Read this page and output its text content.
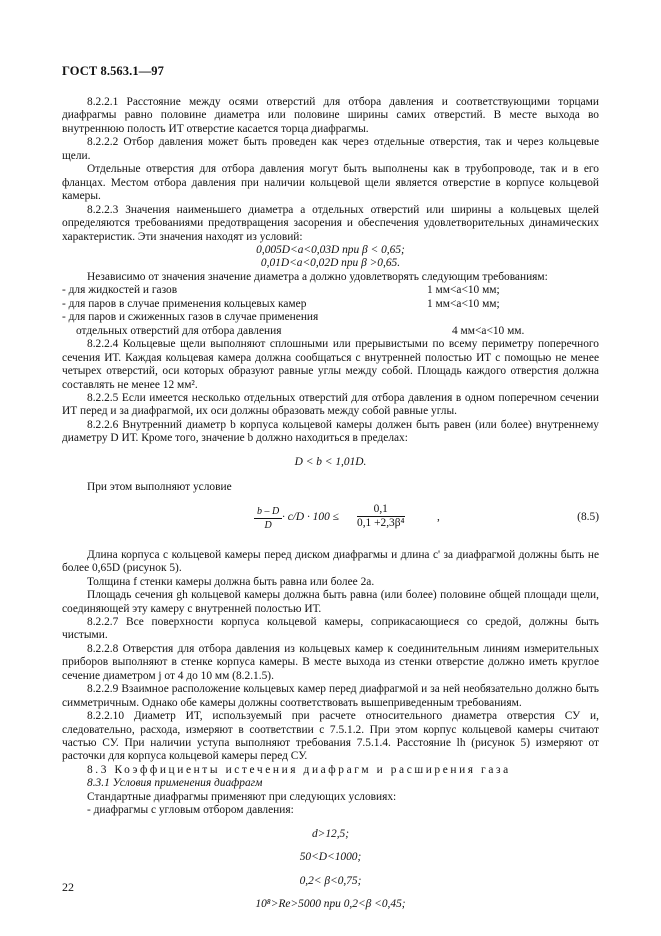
ГОСТ 8.563.1—97

8.2.2.1 Расстояние между осями отверстий для отбора давления и соответствующими торцами диафрагмы равно половине диаметра или половине ширины самих отверстий. В месте выхода во внутреннюю полость ИТ отверстие касается торца диафрагмы.

8.2.2.2 Отбор давления может быть проведен как через отдельные отверстия, так и через кольцевые щели.

Отдельные отверстия для отбора давления могут быть выполнены как в трубопроводе, так и в его фланцах. Местом отбора давления при наличии кольцевой щели является отверстие в корпусе кольцевой камеры.

8.2.2.3 Значения наименьшего диаметра a отдельных отверстий или ширины a кольцевых щелей определяются требованиями предотвращения засорения и обеспечения удовлетворительных динамических характеристик. Эти значения находят из условий:

0,005D<a<0,03D при β < 0,65;

0,01D<a<0,02D при β >0,65.

Независимо от значения значение диаметра a должно удовлетворять следующим требованиям:

- для жидкостей и газов	1 мм<a<10 мм;
- для паров в случае применения кольцевых камер	1 мм<a<10 мм;
- для паров и сжиженных газов в случае применения
отдельных отверстий для отбора давления	4 мм<a<10 мм.

8.2.2.4 Кольцевые щели выполняют сплошными или прерывистыми по всему периметру поперечного сечения ИТ. Каждая кольцевая камера должна сообщаться с внутренней полостью ИТ с помощью не менее четырех отверстий, оси которых образуют равные углы между собой. Площадь каждого отверстия должна составлять не менее 12 мм².

8.2.2.5 Если имеется несколько отдельных отверстий для отбора давления в одном поперечном сечении ИТ перед и за диафрагмой, их оси должны образовать между собой равные углы.

8.2.2.6 Внутренний диаметр b корпуса кольцевой камеры должен быть равен (или более) внутреннему диаметру D ИТ. Кроме того, значение b должно находиться в пределах:

D < b < 1,01D.

При этом выполняют условие

$\frac{b - D}{D} \cdot c/D \cdot 100 \le \frac{0,1}{\text{0,1 +2,3β⁴}}$	,	(8.5)

Длина корпуса c кольцевой камеры перед диском диафрагмы и длина c' за диафрагмой должны быть не более 0,65D (рисунок 5).

Толщина f стенки камеры должна быть равна или более 2a.

Площадь сечения gh кольцевой камеры должна быть равна (или более) половине общей площади щели, соединяющей эту камеру с внутренней полостью ИТ.

8.2.2.7 Все поверхности корпуса кольцевой камеры, соприкасающиеся со средой, должны быть чистыми.

8.2.2.8 Отверстия для отбора давления из кольцевых камер к соединительным линиям измерительных приборов выполняют в стенке корпуса камеры. В месте выхода из стенки отверстие должно иметь круглое сечение диаметром j от 4 до 10 мм (8.2.1.5).

8.2.2.9 Взаимное расположение кольцевых камер перед диафрагмой и за ней необязательно должно быть симметричным. Однако обе камеры должны соответствовать вышеприведенным требованиям.

8.2.2.10 Диаметр ИТ, используемый при расчете относительного диаметра отверстия СУ и, следовательно, расхода, измеряют в соответствии с 7.5.1.2. При этом корпус кольцевой камеры считают частью СУ. При наличии уступа выполняют требования 7.5.1.4. Расстояние lh (рисунок 5) измеряют от расточки для корпуса кольцевой камеры перед СУ.

8.3 Коэффициенты истечения диафрагм и расширения газа

8.3.1 Условия применения диафрагм

Стандартные диафрагмы применяют при следующих условиях:

- диафрагмы с угловым отбором давления:

d>12,5;

50<D<1000;

0,2< β<0,75;

10⁸>Re>5000 при 0,2<β <0,45;

22
